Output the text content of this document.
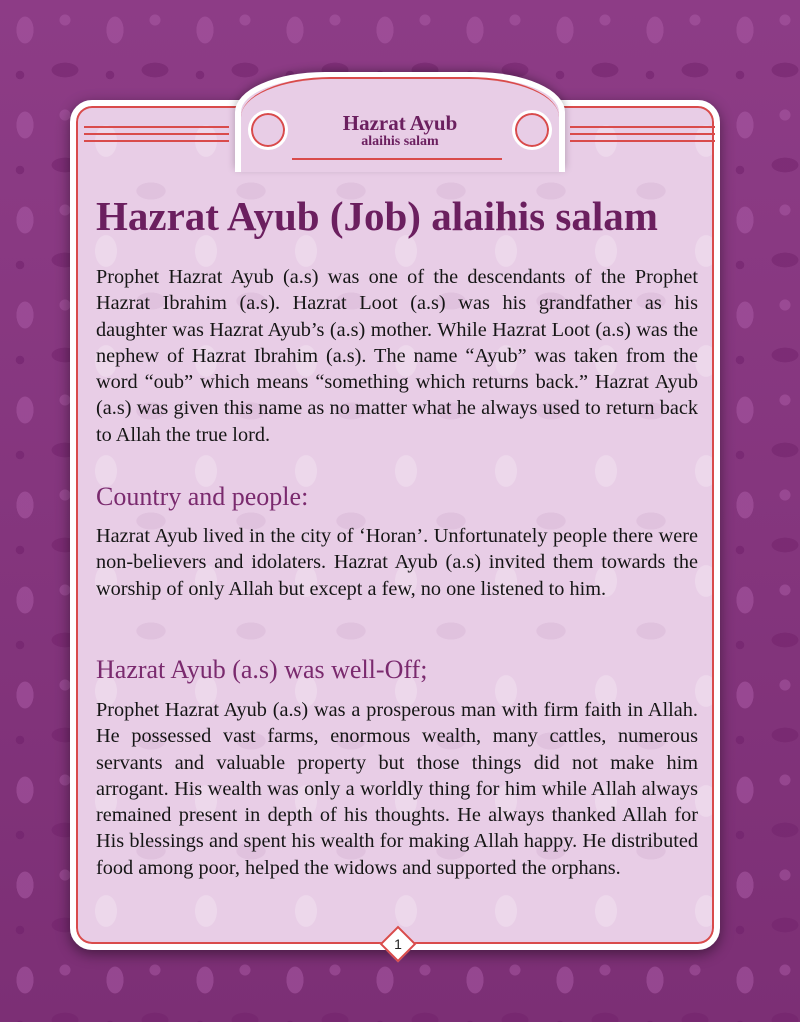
Hazrat Ayub
alaihis salam
Hazrat Ayub (Job) alaihis salam

Prophet Hazrat Ayub (a.s) was one of the descendants of the Prophet Hazrat Ibrahim (a.s). Hazrat Loot (a.s) was his grandfather as his daughter was Hazrat Ayub’s (a.s) mother. While Hazrat Loot (a.s) was the nephew of Hazrat Ibrahim (a.s). The name “Ayub” was taken from the word “oub” which means “something which returns back.” Hazrat Ayub (a.s) was given this name as no matter what he always used to return back to Allah the true lord.

Country and people:

Hazrat Ayub lived in the city of ‘Horan’. Unfortunately people there were non-believers and idolaters. Hazrat Ayub (a.s) invited them towards the worship of only Allah but except a few, no one listened to him.

Hazrat Ayub (a.s) was well-Off;

Prophet Hazrat Ayub (a.s) was a prosperous man with firm faith in Allah. He possessed vast farms, enormous wealth, many cattles, numerous servants and valuable property but those things did not make him arrogant. His wealth was only a worldly thing for him while Allah always remained present in depth of his thoughts. He always thanked Allah for His blessings and spent his wealth for making Allah happy. He distributed food among poor, helped the widows and supported the orphans.

1
